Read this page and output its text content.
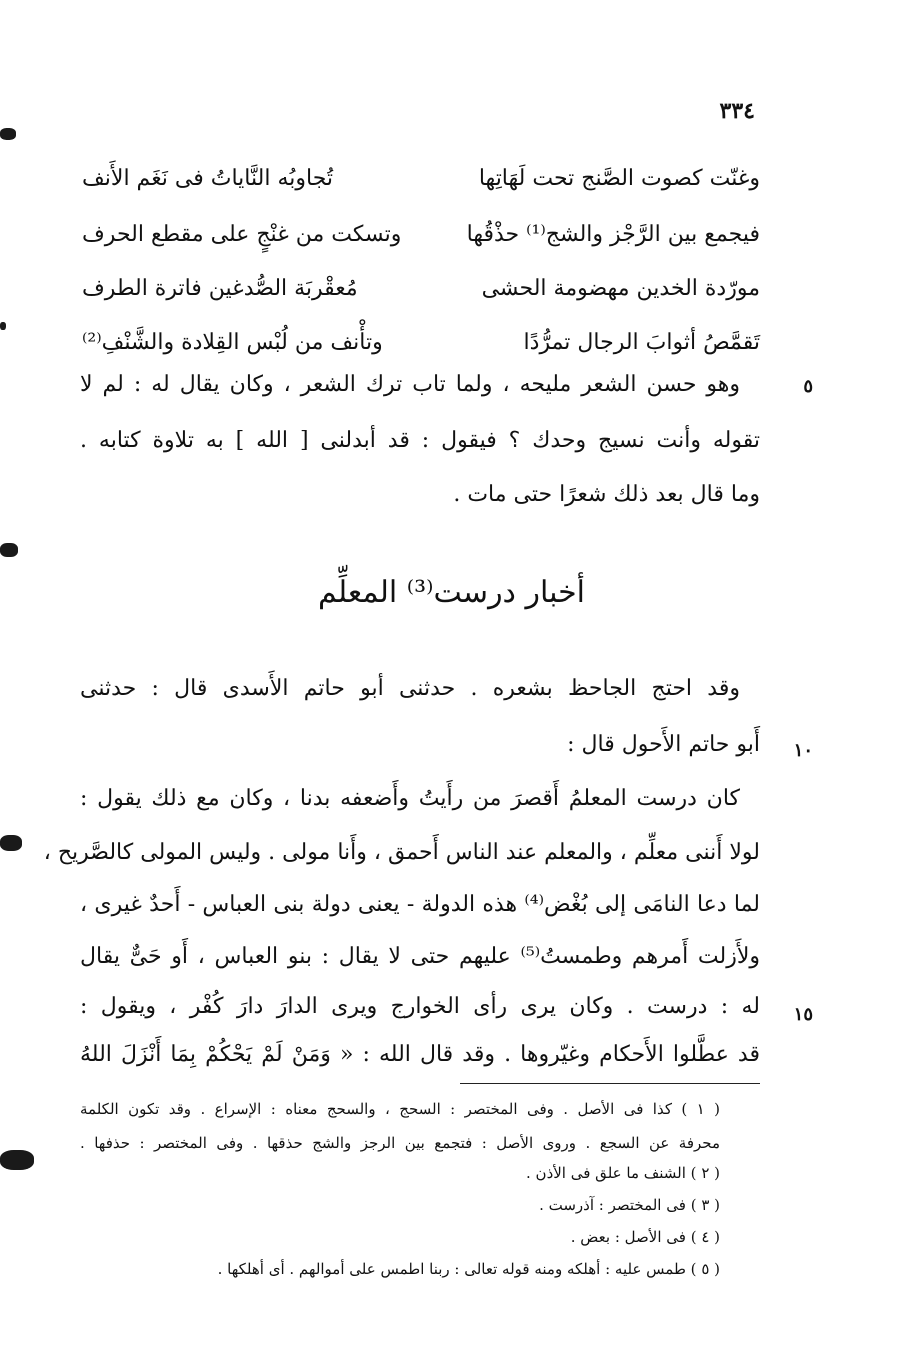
٣٣٤
وغنّت كصوت الصَّنج تحت لَهَاتِها
تُجاوبُه النَّاياتُ فى نَغَم الأَنف
فيجمع بين الرَّجْز والشج⁽¹⁾ حذْقُها
وتسكت من غنْجٍ على مقطع الحرف
مورّدة الخدين مهضومة الحشى
مُعقْربَة الصُّدغين فاترة الطرف
تَقمَّصُ أثوابَ الرجال تمرُّدًا
وتأْنف من لُبْس القِلادة والشَّنْفِ⁽²⁾
٥
وهو حسن الشعر مليحه ، ولما تاب ترك الشعر ، وكان يقال له : لم لا
تقوله وأنت نسيج وحدك ؟ فيقول : قد أبدلنى [ الله ] به تلاوة كتابه .
وما قال بعد ذلك شعرًا حتى مات .
أخبار درست⁽³⁾ المعلِّم
وقد احتج الجاحظ بشعره . حدثنى أبو حاتم الأَسدى قال : حدثنى
١٠
أَبو حاتم الأَحول قال :
كان درست المعلمُ أَقصرَ من رأَيتُ وأَضعفه بدنا ، وكان مع ذلك يقول :
لولا أَننى معلِّم ، والمعلم عند الناس أَحمق ، وأَنا مولى . وليس المولى كالصَّريح ،
لما دعا النامَى إلى بُغْض⁽⁴⁾ هذه الدولة - يعنى دولة بنى العباس - أَحدٌ غيرى ،
ولأَزلت أَمرهم وطمستُ⁽⁵⁾ عليهم حتى لا يقال : بنو العباس ، أَو حَىٌّ يقال
١٥
له : درست . وكان يرى رأى الخوارج ويرى الدارَ دارَ كُفْر ، ويقول :
قد عطَّلوا الأَحكام وغيّروها . وقد قال الله : « وَمَنْ لَمْ يَحْكُمْ بِمَا أَنْزَلَ اللهُ
( ١ ) كذا فى الأصل . وفى المختصر : السحج ، والسحج معناه : الإسراع . وقد تكون الكلمة
محرفة عن السجع . وروى الأصل : فتجمع بين الرجز والشج حذقها . وفى المختصر : حذفها .
( ٢ ) الشنف ما علق فى الأذن .
( ٣ ) فى المختصر : آذرست .
( ٤ ) فى الأصل : بعض .
( ٥ ) طمس عليه : أهلكه ومنه قوله تعالى : ربنا اطمس على أموالهم . أى أهلكها .
